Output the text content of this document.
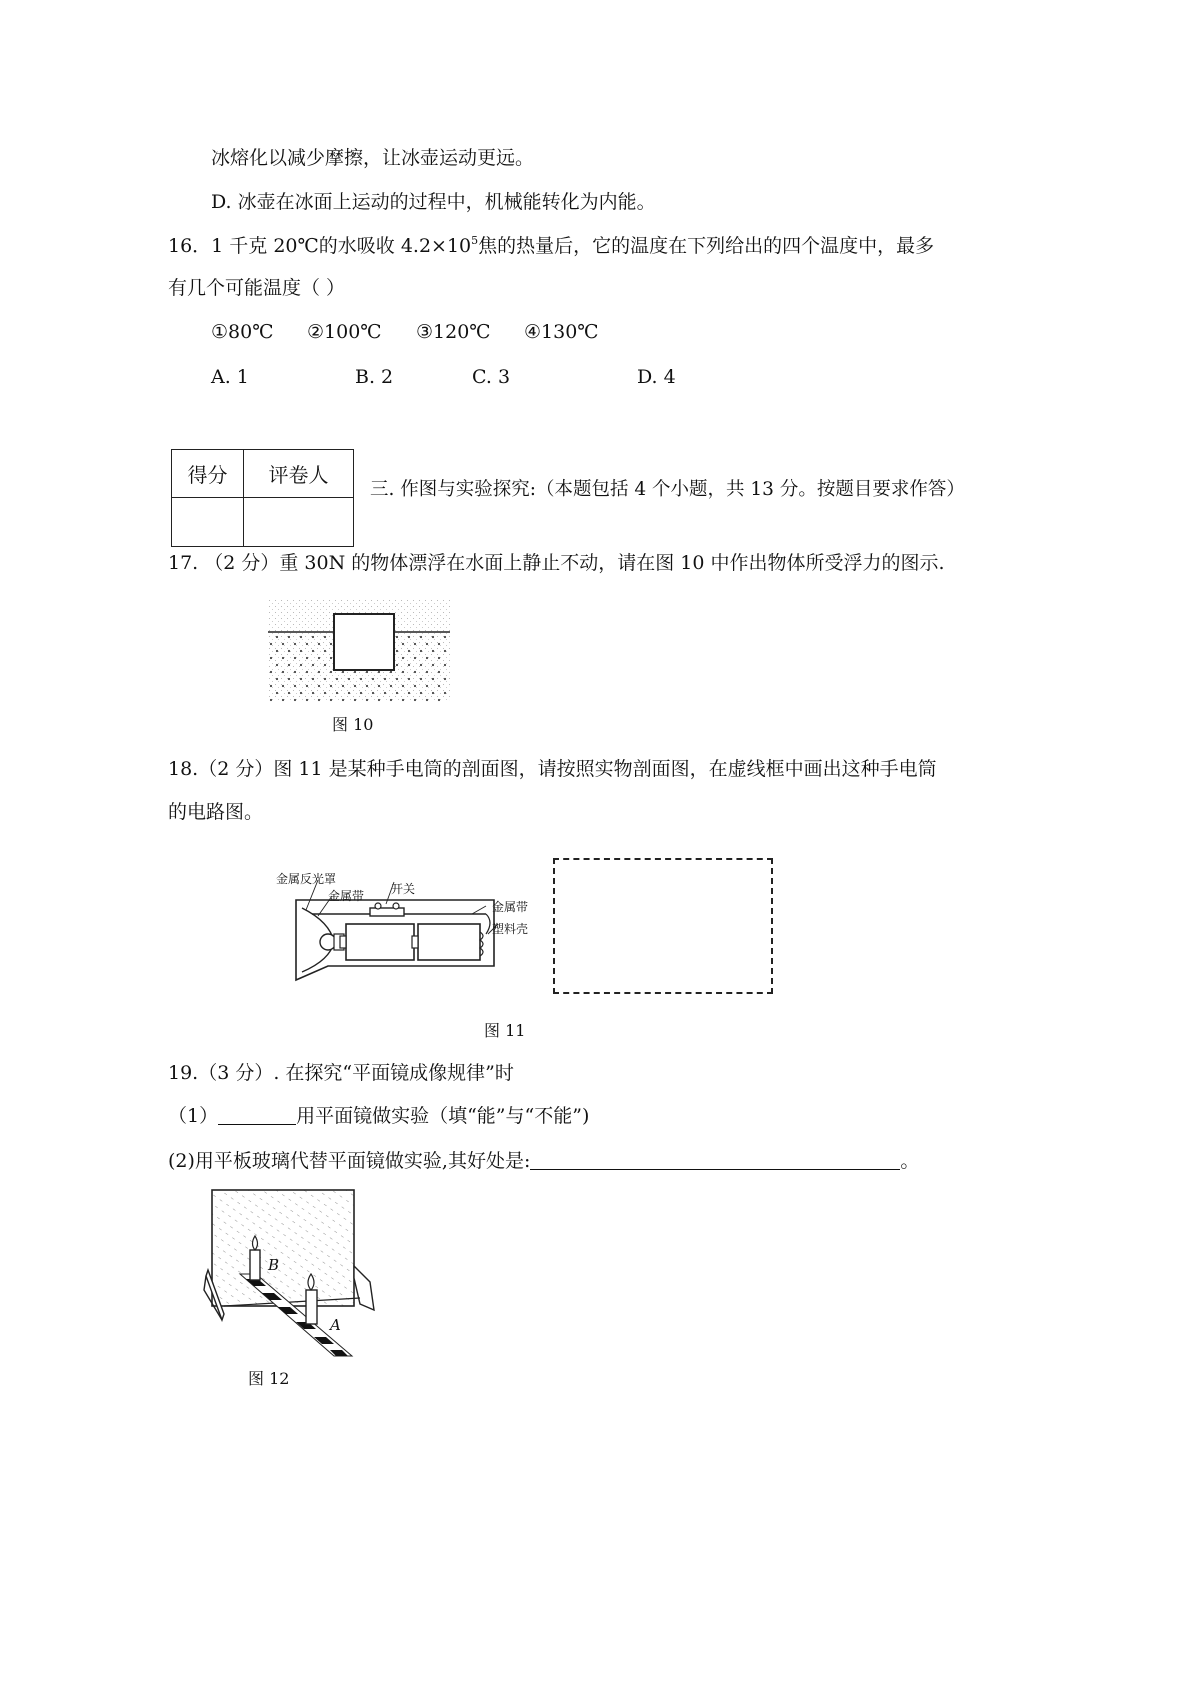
冰熔化以减少摩擦，让冰壶运动更远。
D. 冰壶在冰面上运动的过程中，机械能转化为内能。
16．1 千克 20℃的水吸收 $4.2\times 10^5$焦的热量后，它的温度在下列给出的四个温度中，最多
有几个可能温度（ ）
①80℃ ②100℃ ③120℃ ④130℃
A. 1	B. 2	C. 3	D. 4
得分	评卷人

三. 作图与实验探究:（本题包括 4 个小题，共 13 分。按题目要求作答）
17. （2 分）重 30N 的物体漂浮在水面上静止不动，请在图 10 中作出物体所受浮力的图示.
图 10
18.（2 分）图 11 是某种手电筒的剖面图，请按照实物剖面图，在虚线框中画出这种手电筒
的电路图。
金属反光罩
金属带 开关
金属带
塑料壳
图 11
19.（3 分）. 在探究“平面镜成像规律”时
（1）	用平面镜做实验（填“能”与“不能”)
(2)用平板玻璃代替平面镜做实验,其好处是:	。
B
A
图 12
